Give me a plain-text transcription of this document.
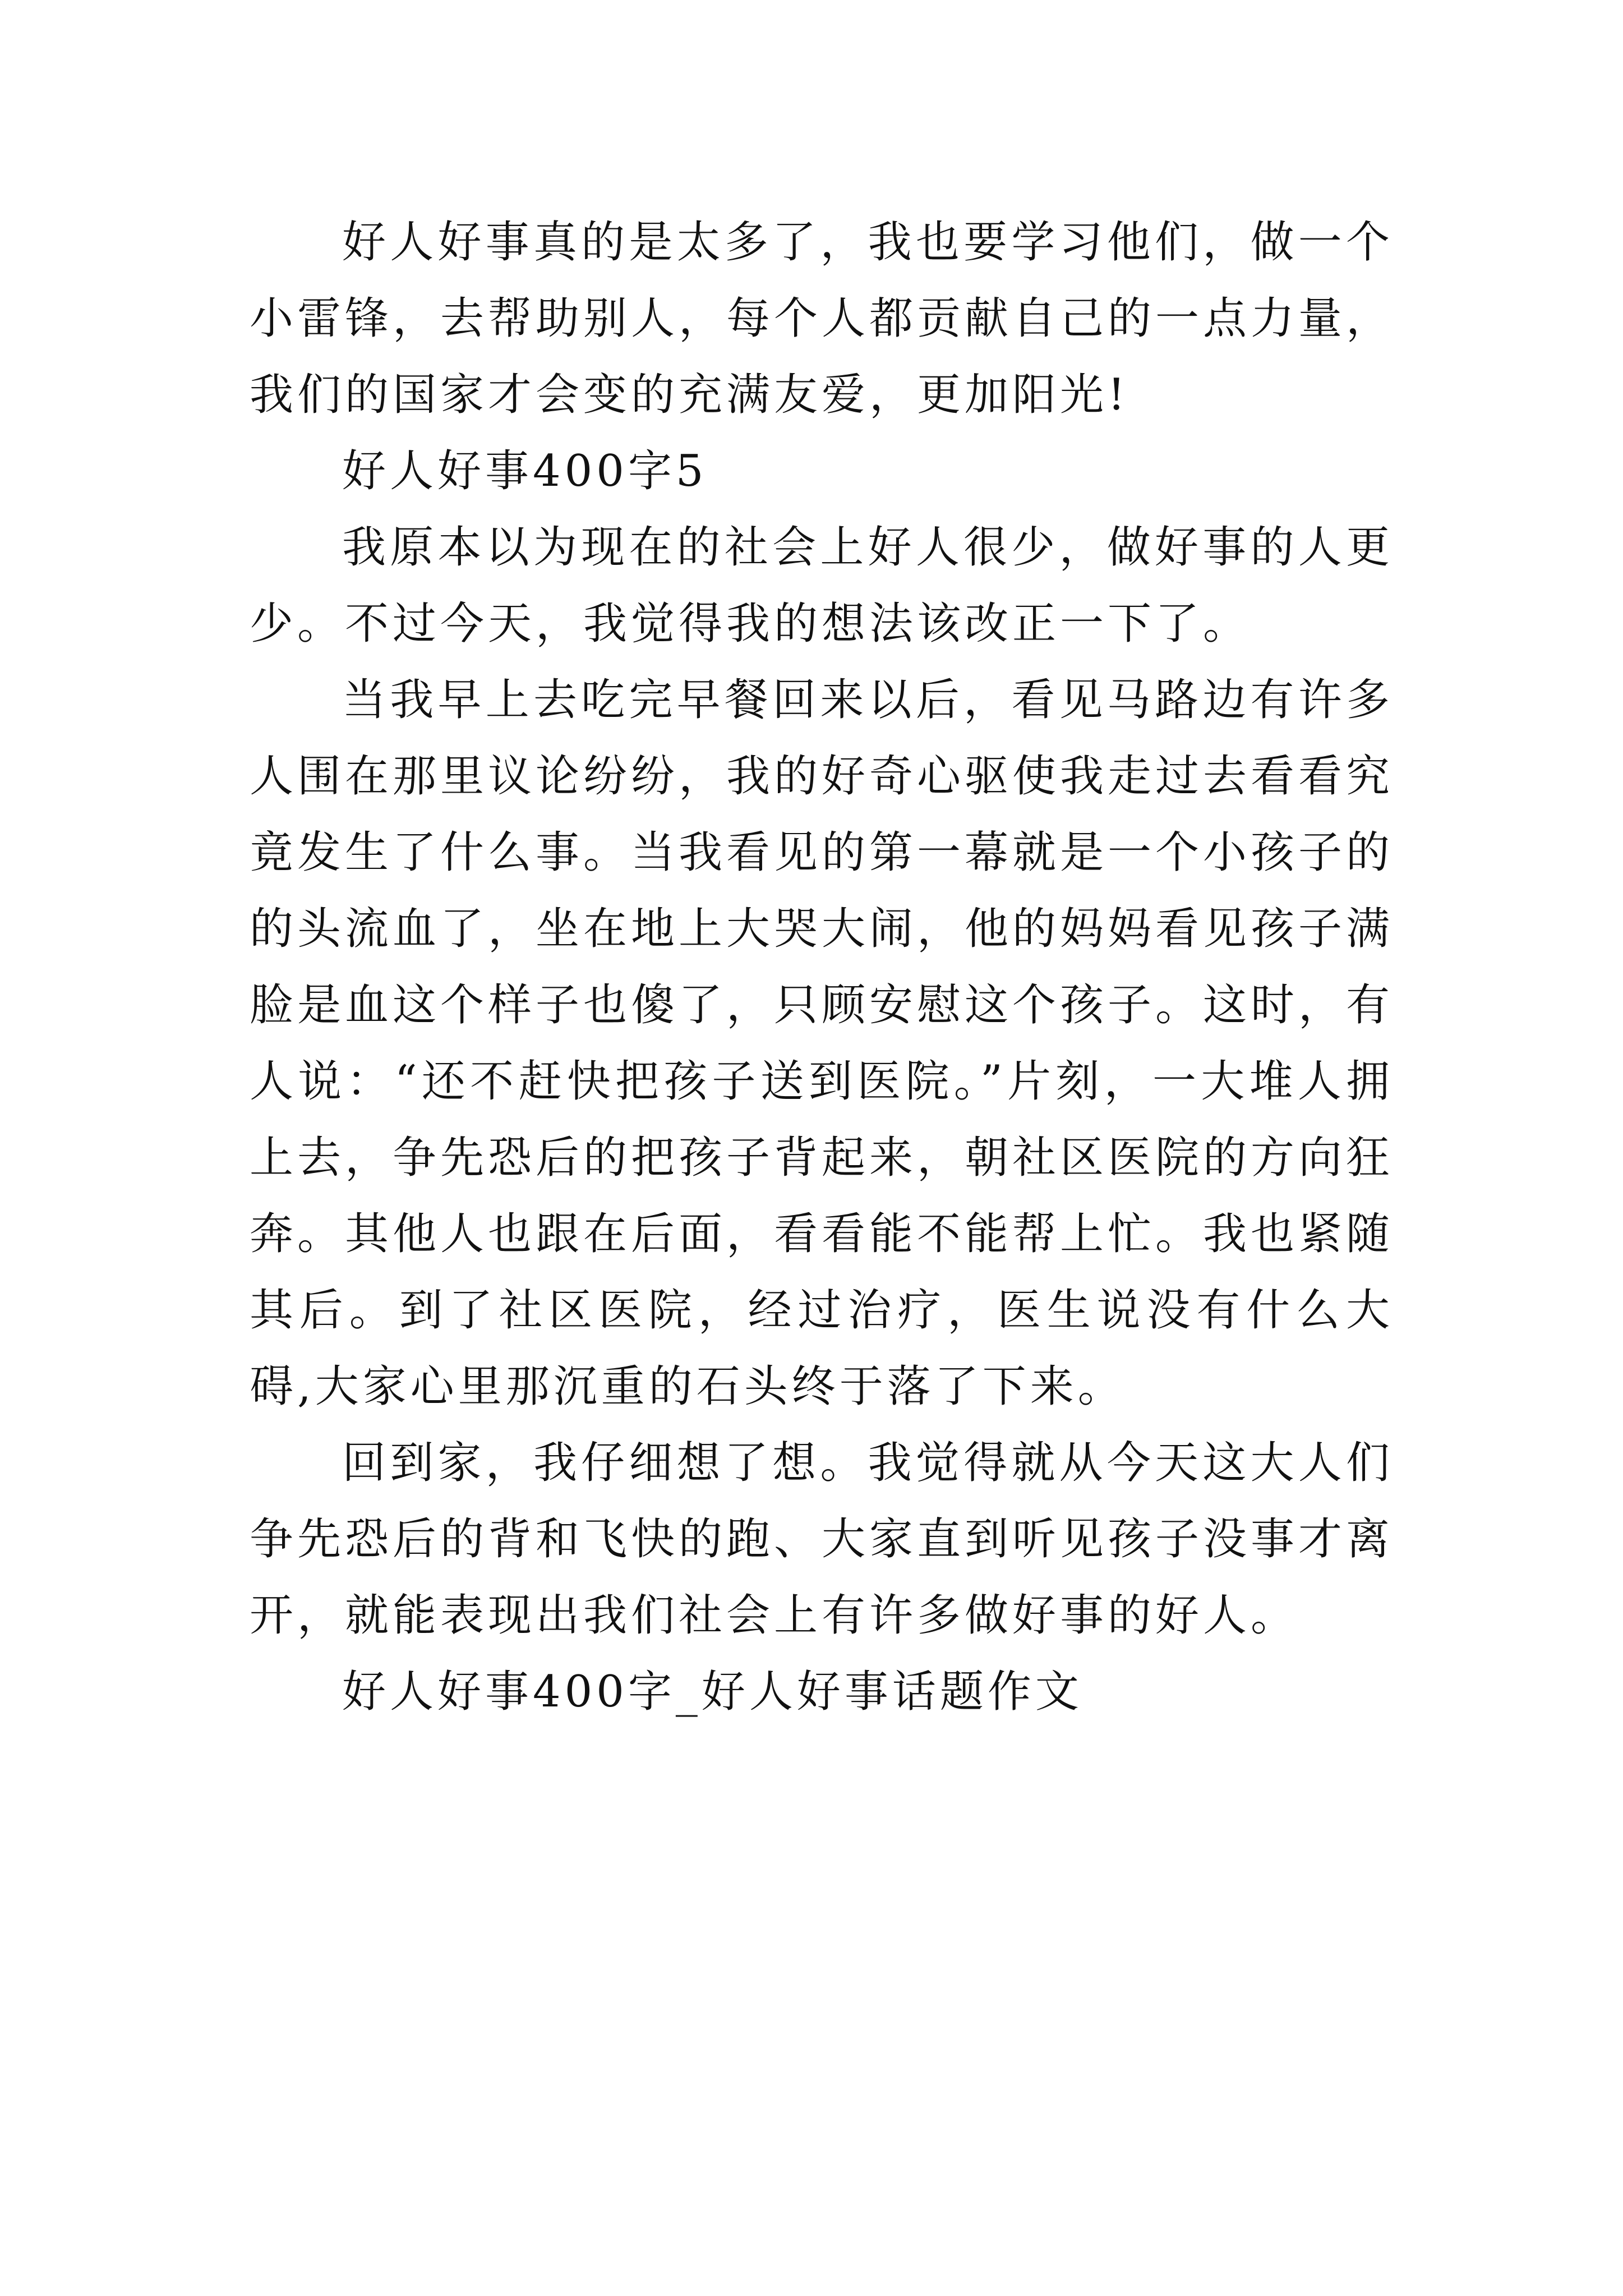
好人好事真的是太多了，我也要学习他们，做一个小雷锋，去帮助别人，每个人都贡献自己的一点力量，我们的国家才会变的充满友爱，更加阳光!

好人好事400字5

我原本以为现在的社会上好人很少，做好事的人更少。不过今天，我觉得我的想法该改正一下了。

当我早上去吃完早餐回来以后，看见马路边有许多人围在那里议论纷纷，我的好奇心驱使我走过去看看究竟发生了什么事。当我看见的第一幕就是一个小孩子的的头流血了，坐在地上大哭大闹，他的妈妈看见孩子满脸是血这个样子也傻了，只顾安慰这个孩子。这时，有人说：“还不赶快把孩子送到医院。”片刻，一大堆人拥上去，争先恐后的把孩子背起来，朝社区医院的方向狂奔。其他人也跟在后面，看看能不能帮上忙。我也紧随其后。到了社区医院，经过治疗，医生说没有什么大碍,大家心里那沉重的石头终于落了下来。

回到家，我仔细想了想。我觉得就从今天这大人们争先恐后的背和飞快的跑、大家直到听见孩子没事才离开，就能表现出我们社会上有许多做好事的好人。

好人好事400字_好人好事话题作文
